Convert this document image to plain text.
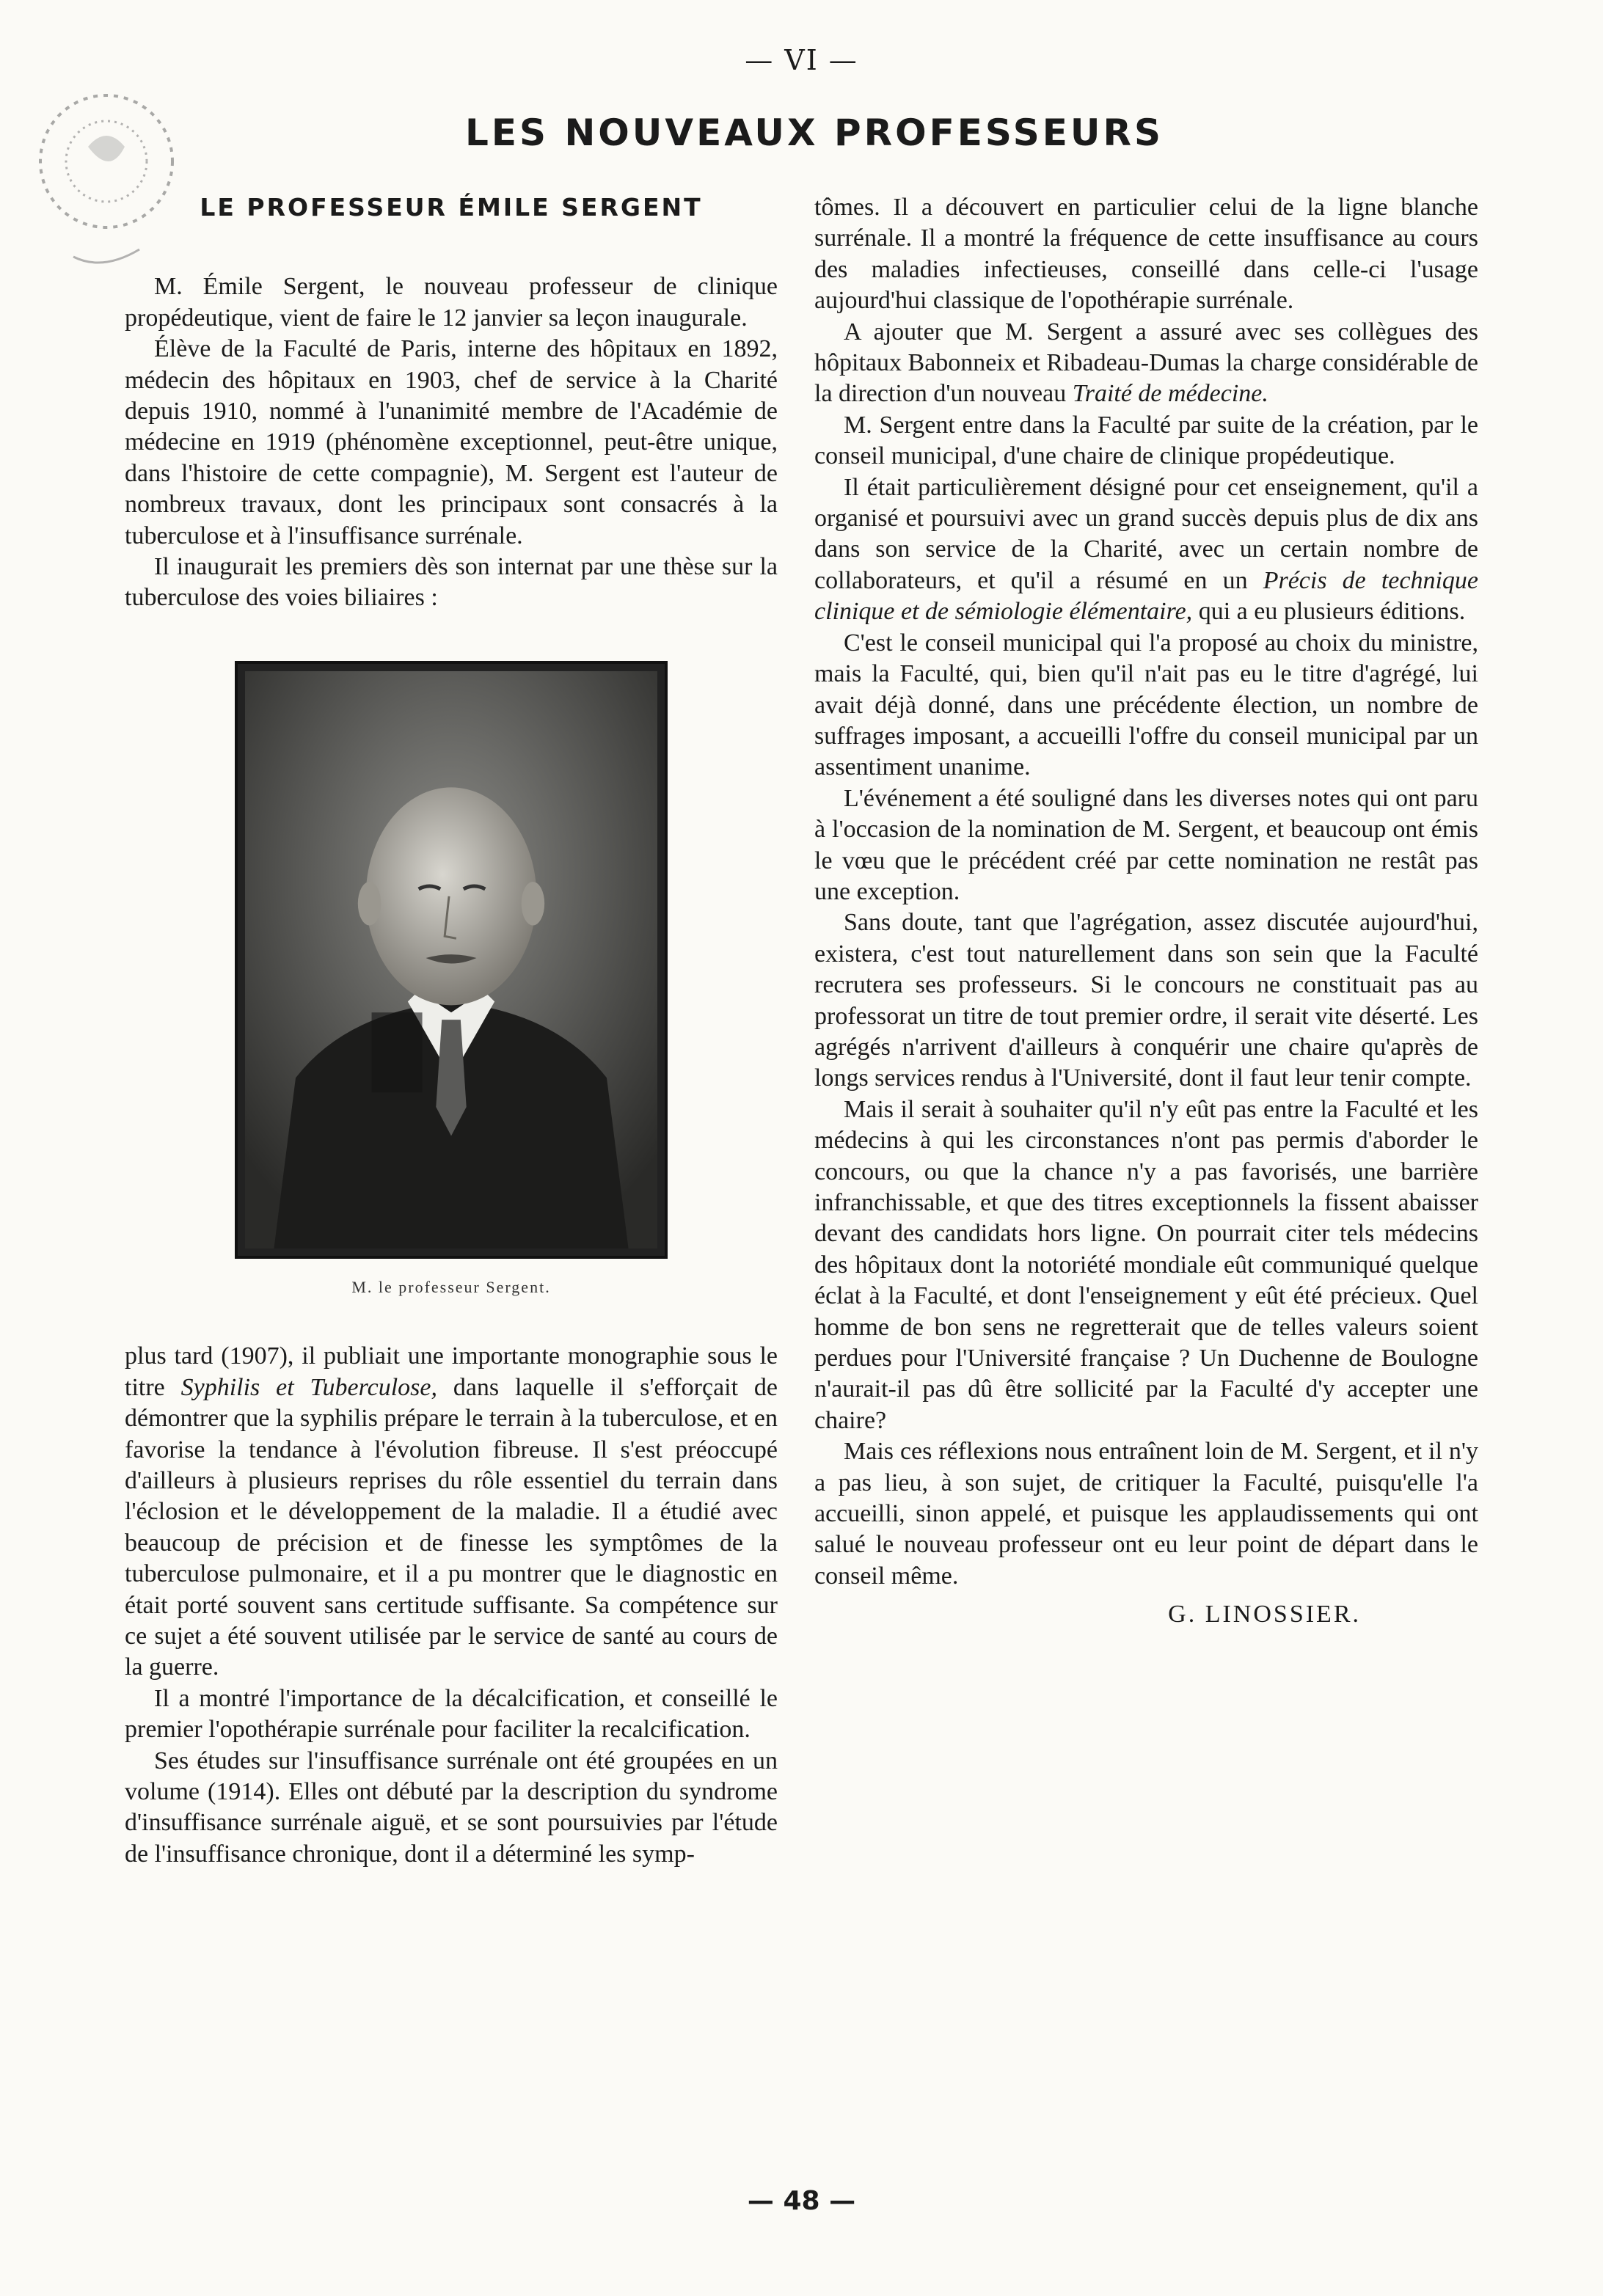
— VI —
LES NOUVEAUX PROFESSEURS
LE PROFESSEUR ÉMILE SERGENT

M. Émile Sergent, le nouveau professeur de clinique propédeutique, vient de faire le 12 janvier sa leçon inaugurale.

Élève de la Faculté de Paris, interne des hôpitaux en 1892, médecin des hôpitaux en 1903, chef de service à la Charité depuis 1910, nommé à l'unanimité membre de l'Académie de médecine en 1919 (phénomène exceptionnel, peut-être unique, dans l'histoire de cette compagnie), M. Sergent est l'auteur de nombreux travaux, dont les principaux sont consacrés à la tuberculose et à l'insuffisance surrénale.

Il inaugurait les premiers dès son internat par une thèse sur la tuberculose des voies biliaires :

M. le professeur Sergent.

plus tard (1907), il publiait une importante monographie sous le titre Syphilis et Tuberculose, dans laquelle il s'efforçait de démontrer que la syphilis prépare le terrain à la tuberculose, et en favorise la tendance à l'évolution fibreuse. Il s'est préoccupé d'ailleurs à plusieurs reprises du rôle essentiel du terrain dans l'éclosion et le développement de la maladie. Il a étudié avec beaucoup de précision et de finesse les symptômes de la tuberculose pulmonaire, et il a pu montrer que le diagnostic en était porté souvent sans certitude suffisante. Sa compétence sur ce sujet a été souvent utilisée par le service de santé au cours de la guerre.

Il a montré l'importance de la décalcification, et conseillé le premier l'opothérapie surrénale pour faciliter la recalcification.

Ses études sur l'insuffisance surrénale ont été groupées en un volume (1914). Elles ont débuté par la description du syndrome d'insuffisance surrénale aiguë, et se sont poursuivies par l'étude de l'insuffisance chronique, dont il a déterminé les symp-

tômes. Il a découvert en particulier celui de la ligne blanche surrénale. Il a montré la fréquence de cette insuffisance au cours des maladies infectieuses, conseillé dans celle-ci l'usage aujourd'hui classique de l'opothérapie surrénale.

A ajouter que M. Sergent a assuré avec ses collègues des hôpitaux Babonneix et Ribadeau-Dumas la charge considérable de la direction d'un nouveau Traité de médecine.

M. Sergent entre dans la Faculté par suite de la création, par le conseil municipal, d'une chaire de clinique propédeutique.

Il était particulièrement désigné pour cet enseignement, qu'il a organisé et poursuivi avec un grand succès depuis plus de dix ans dans son service de la Charité, avec un certain nombre de collaborateurs, et qu'il a résumé en un Précis de technique clinique et de sémiologie élémentaire, qui a eu plusieurs éditions.

C'est le conseil municipal qui l'a proposé au choix du ministre, mais la Faculté, qui, bien qu'il n'ait pas eu le titre d'agrégé, lui avait déjà donné, dans une précédente élection, un nombre de suffrages imposant, a accueilli l'offre du conseil municipal par un assentiment unanime.

L'événement a été souligné dans les diverses notes qui ont paru à l'occasion de la nomination de M. Sergent, et beaucoup ont émis le vœu que le précédent créé par cette nomination ne restât pas une exception.

Sans doute, tant que l'agrégation, assez discutée aujourd'hui, existera, c'est tout naturellement dans son sein que la Faculté recrutera ses professeurs. Si le concours ne constituait pas au professorat un titre de tout premier ordre, il serait vite déserté. Les agrégés n'arrivent d'ailleurs à conquérir une chaire qu'après de longs services rendus à l'Université, dont il faut leur tenir compte.

Mais il serait à souhaiter qu'il n'y eût pas entre la Faculté et les médecins à qui les circonstances n'ont pas permis d'aborder le concours, ou que la chance n'y a pas favorisés, une barrière infranchissable, et que des titres exceptionnels la fissent abaisser devant des candidats hors ligne. On pourrait citer tels médecins des hôpitaux dont la notoriété mondiale eût communiqué quelque éclat à la Faculté, et dont l'enseignement y eût été précieux. Quel homme de bon sens ne regretterait que de telles valeurs soient perdues pour l'Université française ? Un Duchenne de Boulogne n'aurait-il pas dû être sollicité par la Faculté d'y accepter une chaire?

Mais ces réflexions nous entraînent loin de M. Sergent, et il n'y a pas lieu, à son sujet, de critiquer la Faculté, puisqu'elle l'a accueilli, sinon appelé, et puisque les applaudissements qui ont salué le nouveau professeur ont eu leur point de départ dans le conseil même.

G. LINOSSIER.
— 48 —
